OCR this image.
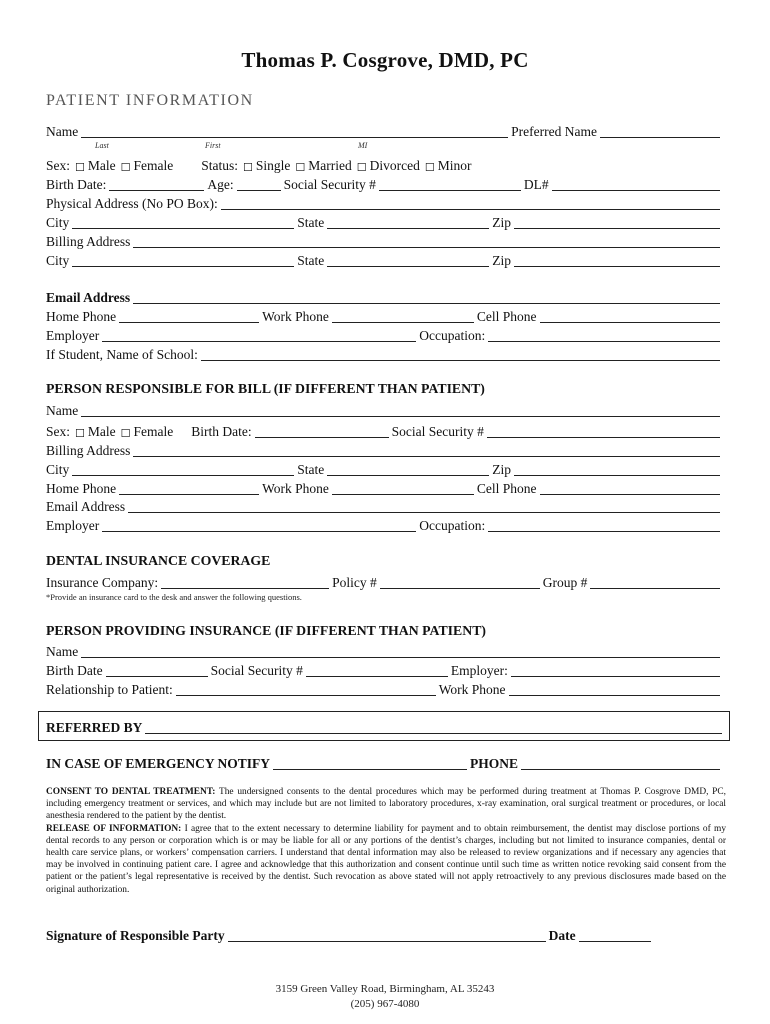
Thomas P. Cosgrove, DMD, PC
PATIENT INFORMATION
Name	Preferred Name
Last	First	MI
Sex: ☐ Male ☐ Female Status: ☐ Single ☐ Married ☐ Divorced ☐ Minor
Birth Date:	Age:	Social Security #	DL#
Physical Address (No PO Box):
City	State	Zip
Billing Address
City	State	Zip
Email Address
Home Phone	Work Phone	Cell Phone
Employer	Occupation:
If Student, Name of School:
PERSON RESPONSIBLE FOR BILL (IF DIFFERENT THAN PATIENT)
Name
Sex: ☐ Male ☐ Female Birth Date:	Social Security #
Billing Address
City	State	Zip
Home Phone	Work Phone	Cell Phone
Email Address
Employer	Occupation:
DENTAL INSURANCE COVERAGE
Insurance Company:	Policy #	Group #
*Provide an insurance card to the desk and answer the following questions.
PERSON PROVIDING INSURANCE (IF DIFFERENT THAN PATIENT)
Name
Birth Date	Social Security #	Employer:
Relationship to Patient:	Work Phone
REFERRED BY
IN CASE OF EMERGENCY NOTIFY	PHONE
CONSENT TO DENTAL TREATMENT: The undersigned consents to the dental procedures which may be performed during treatment at Thomas P. Cosgrove DMD, PC, including emergency treatment or services, and which may include but are not limited to laboratory procedures, x-ray examination, oral surgical treatment or procedures, or local anesthesia rendered to the patient by the dentist.
RELEASE OF INFORMATION: I agree that to the extent necessary to determine liability for payment and to obtain reimbursement, the dentist may disclose portions of my dental records to any person or corporation which is or may be liable for all or any portions of the dentist’s charges, including but not limited to insurance companies, dental or health care service plans, or workers’ compensation carriers. I understand that dental information may also be released to review organizations and if necessary any agencies that may be involved in continuing patient care. I agree and acknowledge that this authorization and consent continue until such time as written notice revoking said consent from the patient or the patient’s legal representative is received by the dentist. Such revocation as above stated will not apply retroactively to any previous disclosures made based on the original authorization.
Signature of Responsible Party	Date
3159 Green Valley Road, Birmingham, AL 35243
(205) 967-4080
